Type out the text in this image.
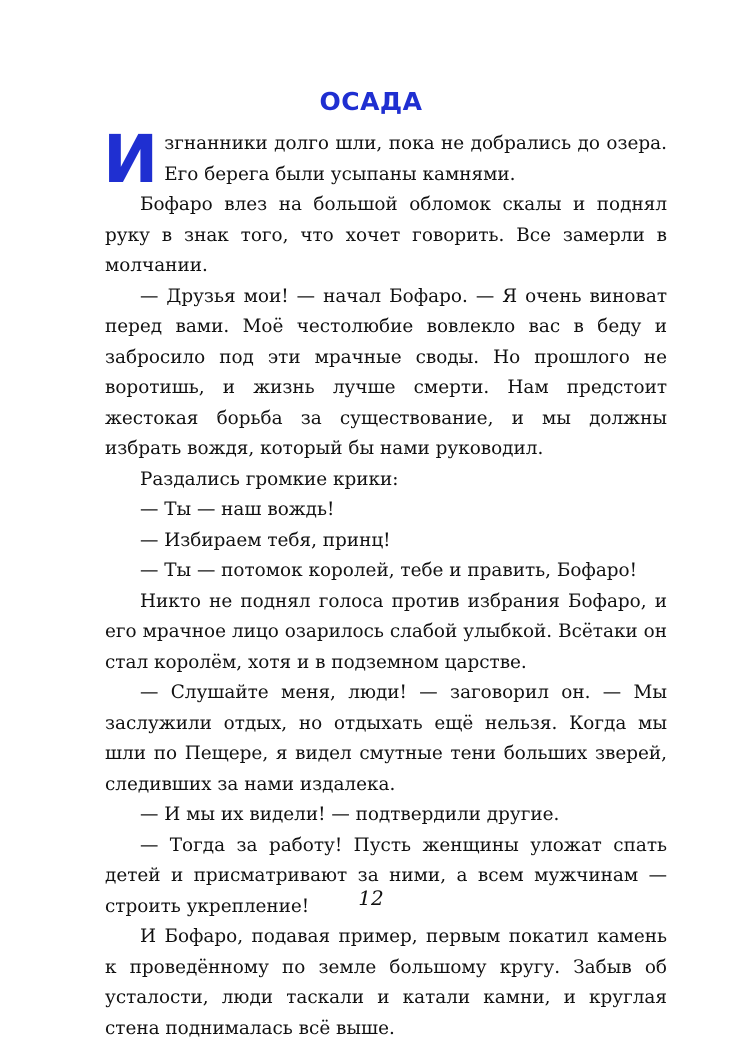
ОСАДА

И згнанники долго шли, пока не добрались до озера.
Его берега были усыпаны камнями.

Бофаро влез на большой обломок скалы и поднял руку в знак того, что хочет говорить. Все замерли в молчании.

— Друзья мои! — начал Бофаро. — Я очень виноват перед вами. Моё честолюбие вовлекло вас в беду и забросило под эти мрачные своды. Но прошлого не воротишь, и жизнь лучше смерти. Нам предстоит жестокая борьба за существование, и мы должны избрать вождя, который бы нами руководил.

Раздались громкие крики:

— Ты — наш вождь!

— Избираем тебя, принц!

— Ты — потомок королей, тебе и править, Бофаро!

Никто не поднял голоса против избрания Бофаро, и его мрачное лицо озарилось слабой улыбкой. Всётаки он стал королём, хотя и в подземном царстве.

— Слушайте меня, люди! — заговорил он. — Мы заслужили отдых, но отдыхать ещё нельзя. Когда мы шли по Пещере, я видел смутные тени больших зверей, следивших за нами издалека.

— И мы их видели! — подтвердили другие.

— Тогда за работу! Пусть женщины уложат спать детей и присматривают за ними, а всем мужчинам — строить укрепление!

И Бофаро, подавая пример, первым покатил камень к проведённому по земле большому кругу. Забыв об усталости, люди таскали и катали камни, и круглая стена поднималась всё выше.

12
